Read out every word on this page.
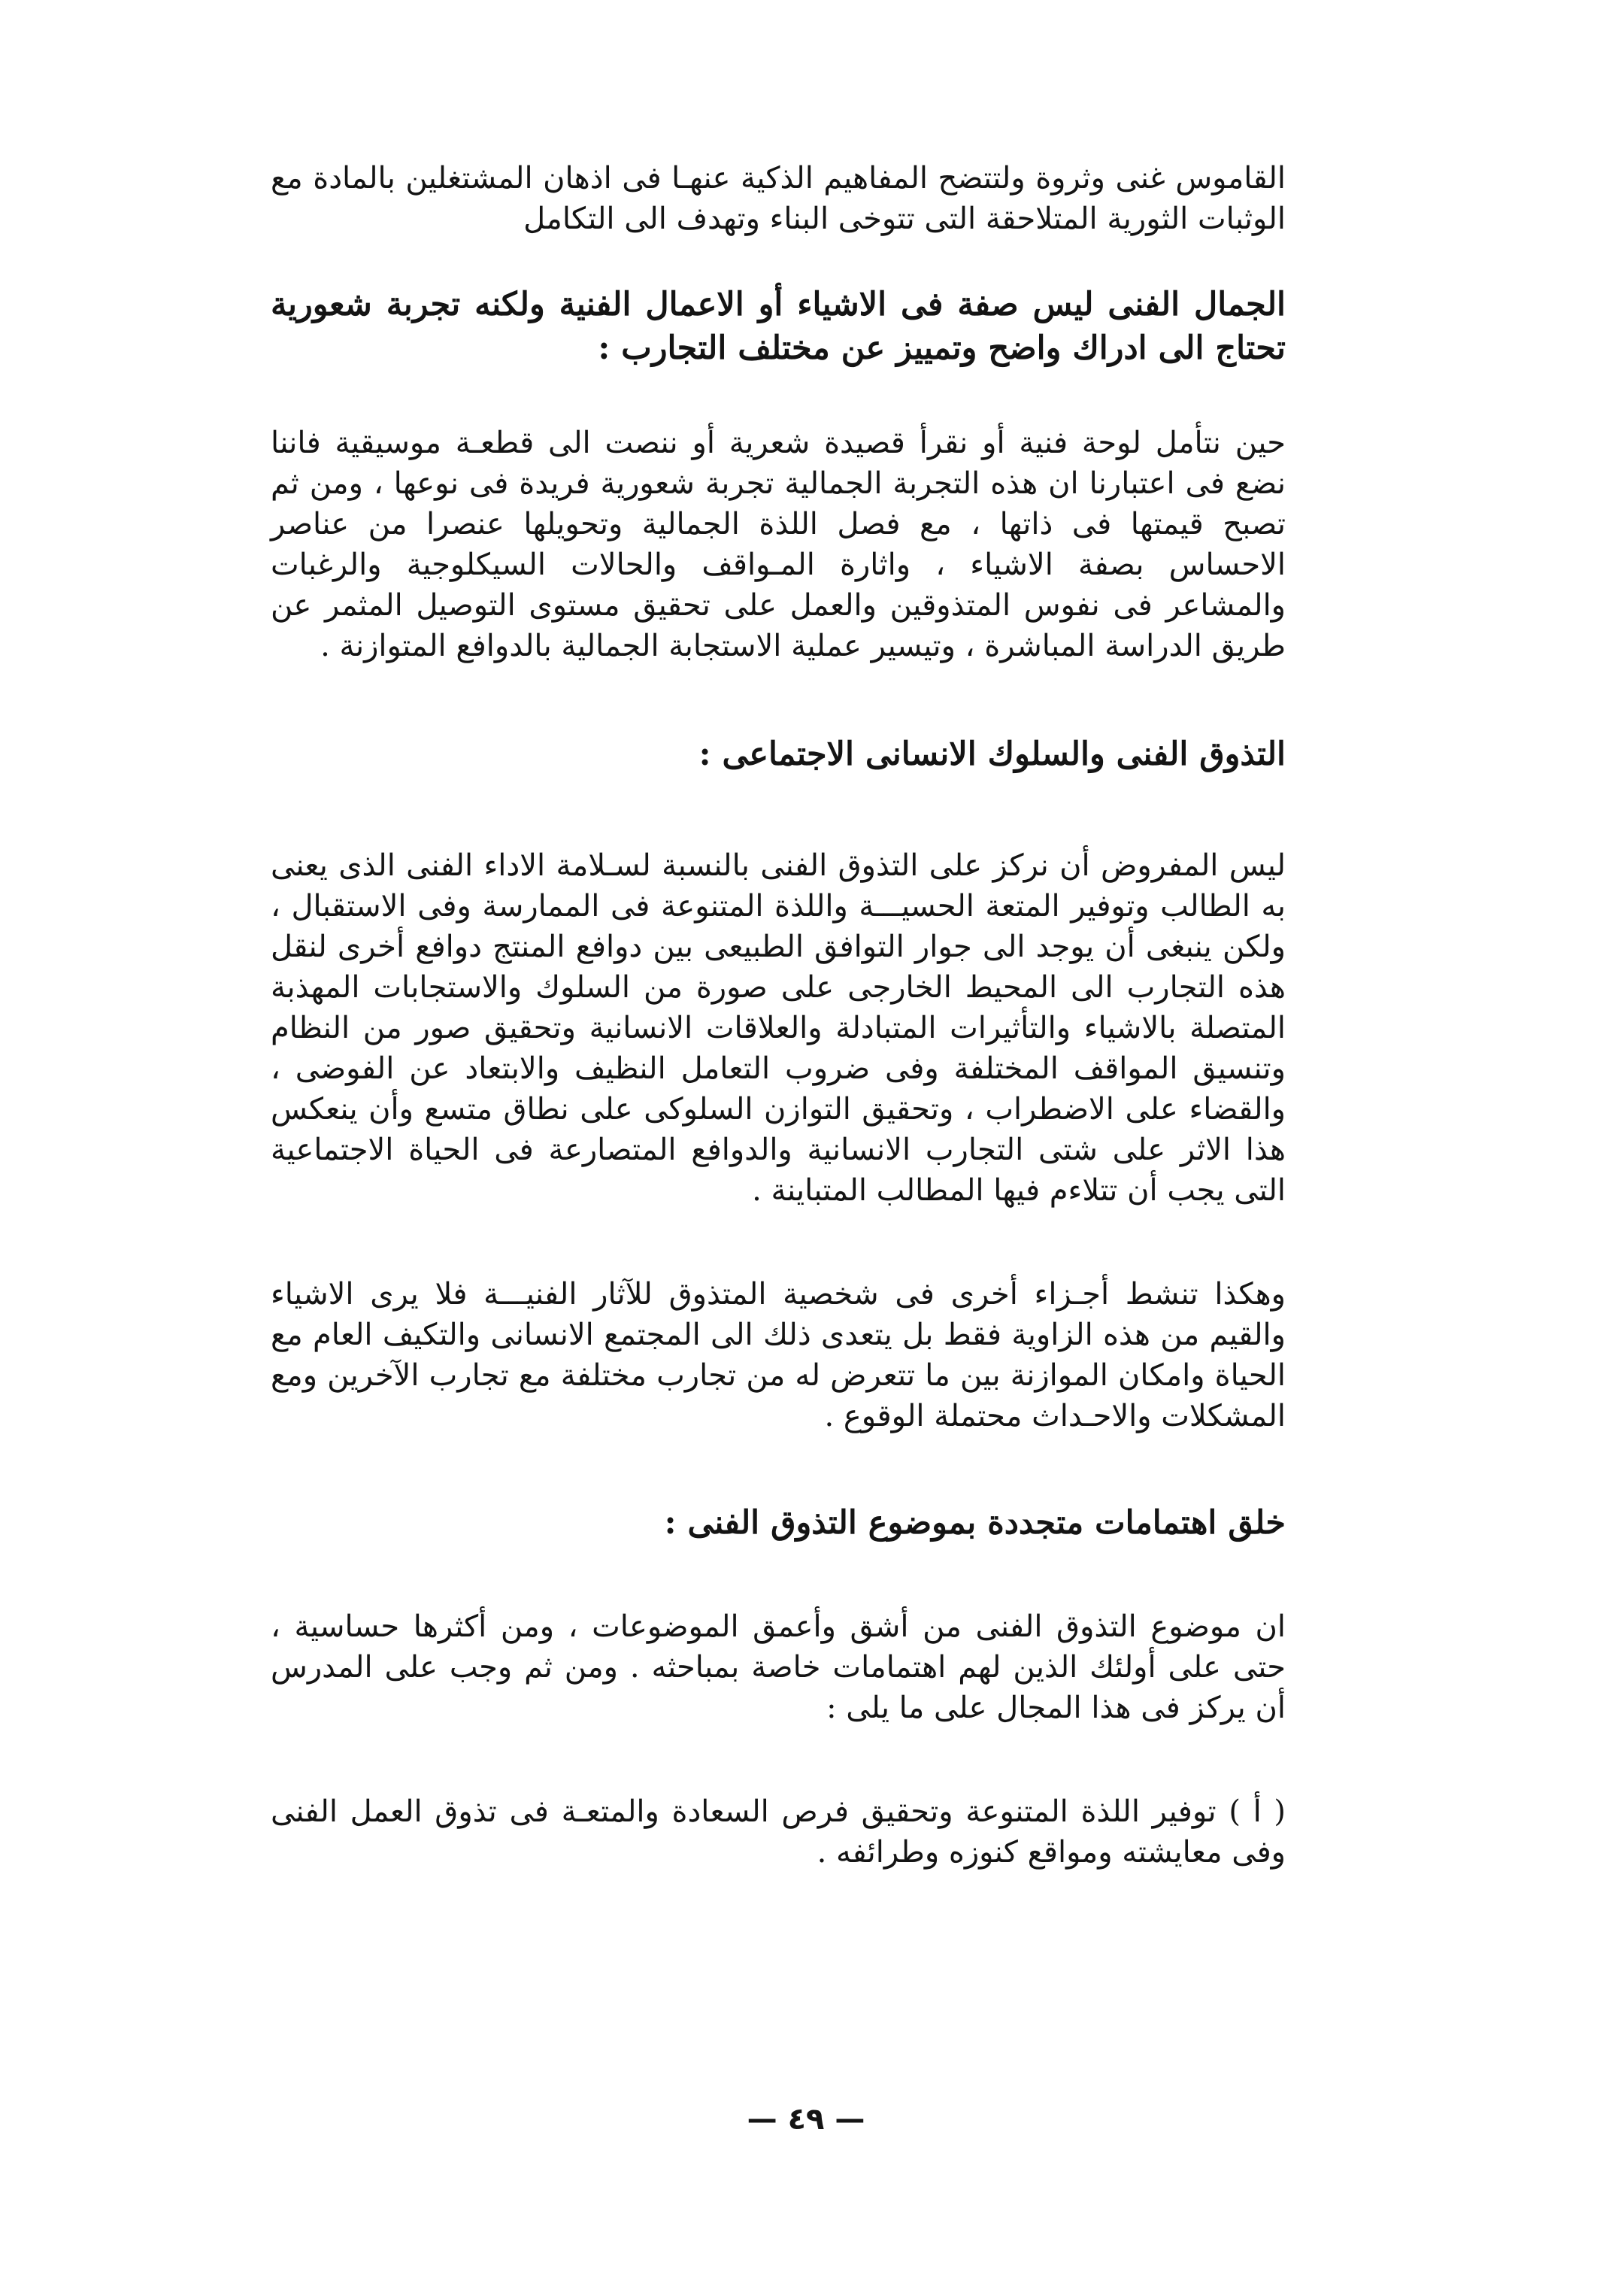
القاموس غنى وثروة ولتتضح المفاهيم الذكية عنهـا فى اذهان المشتغلين بالمادة مع الوثبات الثورية المتلاحقة التى تتوخى البناء وتهدف الى التكامل

الجمال الفنى ليس صفة فى الاشياء أو الاعمال الفنية ولكنه تجربة شعورية تحتاج الى ادراك واضح وتمييز عن مختلف التجارب :

حين نتأمل لوحة فنية أو نقرأ قصيدة شعرية أو ننصت الى قطعـة موسيقية فاننا نضع فى اعتبارنا ان هذه التجربة الجمالية تجربة شعورية فريدة فى نوعها ، ومن ثم تصبح قيمتها فى ذاتها ، مع فصل اللذة الجمالية وتحويلها عنصرا من عناصر الاحساس بصفة الاشياء ، واثارة المـواقف والحالات السيكلوجية والرغبات والمشاعر فى نفوس المتذوقين والعمل على تحقيق مستوى التوصيل المثمر عن طريق الدراسة المباشرة ، وتيسير عملية الاستجابة الجمالية بالدوافع المتوازنة .

التذوق الفنى والسلوك الانسانى الاجتماعى :

ليس المفروض أن نركز على التذوق الفنى بالنسبة لسـلامة الاداء الفنى الذى يعنى به الطالب وتوفير المتعة الحسيـــة واللذة المتنوعة فى الممارسة وفى الاستقبال ، ولكن ينبغى أن يوجد الى جوار التوافق الطبيعى بين دوافع المنتج دوافع أخرى لنقل هذه التجارب الى المحيط الخارجى على صورة من السلوك والاستجابات المهذبة المتصلة بالاشياء والتأثيرات المتبادلة والعلاقات الانسانية وتحقيق صور من النظام وتنسيق المواقف المختلفة وفى ضروب التعامل النظيف والابتعاد عن الفوضى ، والقضاء على الاضطراب ، وتحقيق التوازن السلوكى على نطاق متسع وأن ينعكس هذا الاثر على شتى التجارب الانسانية والدوافع المتصارعة فى الحياة الاجتماعية التى يجب أن تتلاءم فيها المطالب المتباينة .

وهكذا تنشط أجـزاء أخرى فى شخصية المتذوق للآثار الفنيـــة فلا يرى الاشياء والقيم من هذه الزاوية فقط بل يتعدى ذلك الى المجتمع الانسانى والتكيف العام مع الحياة وامكان الموازنة بين ما تتعرض له من تجارب مختلفة مع تجارب الآخرين ومع المشكلات والاحـداث محتملة الوقوع .

خلق اهتمامات متجددة بموضوع التذوق الفنى :

ان موضوع التذوق الفنى من أشق وأعمق الموضوعات ، ومن أكثرها حساسية ، حتى على أولئك الذين لهم اهتمامات خاصة بمباحثه . ومن ثم وجب على المدرس أن يركز فى هذا المجال على ما يلى :

( أ ) توفير اللذة المتنوعة وتحقيق فرص السعادة والمتعـة فى تذوق العمل الفنى وفى معايشته ومواقع كنوزه وطرائفه .

— ٤٩ —
